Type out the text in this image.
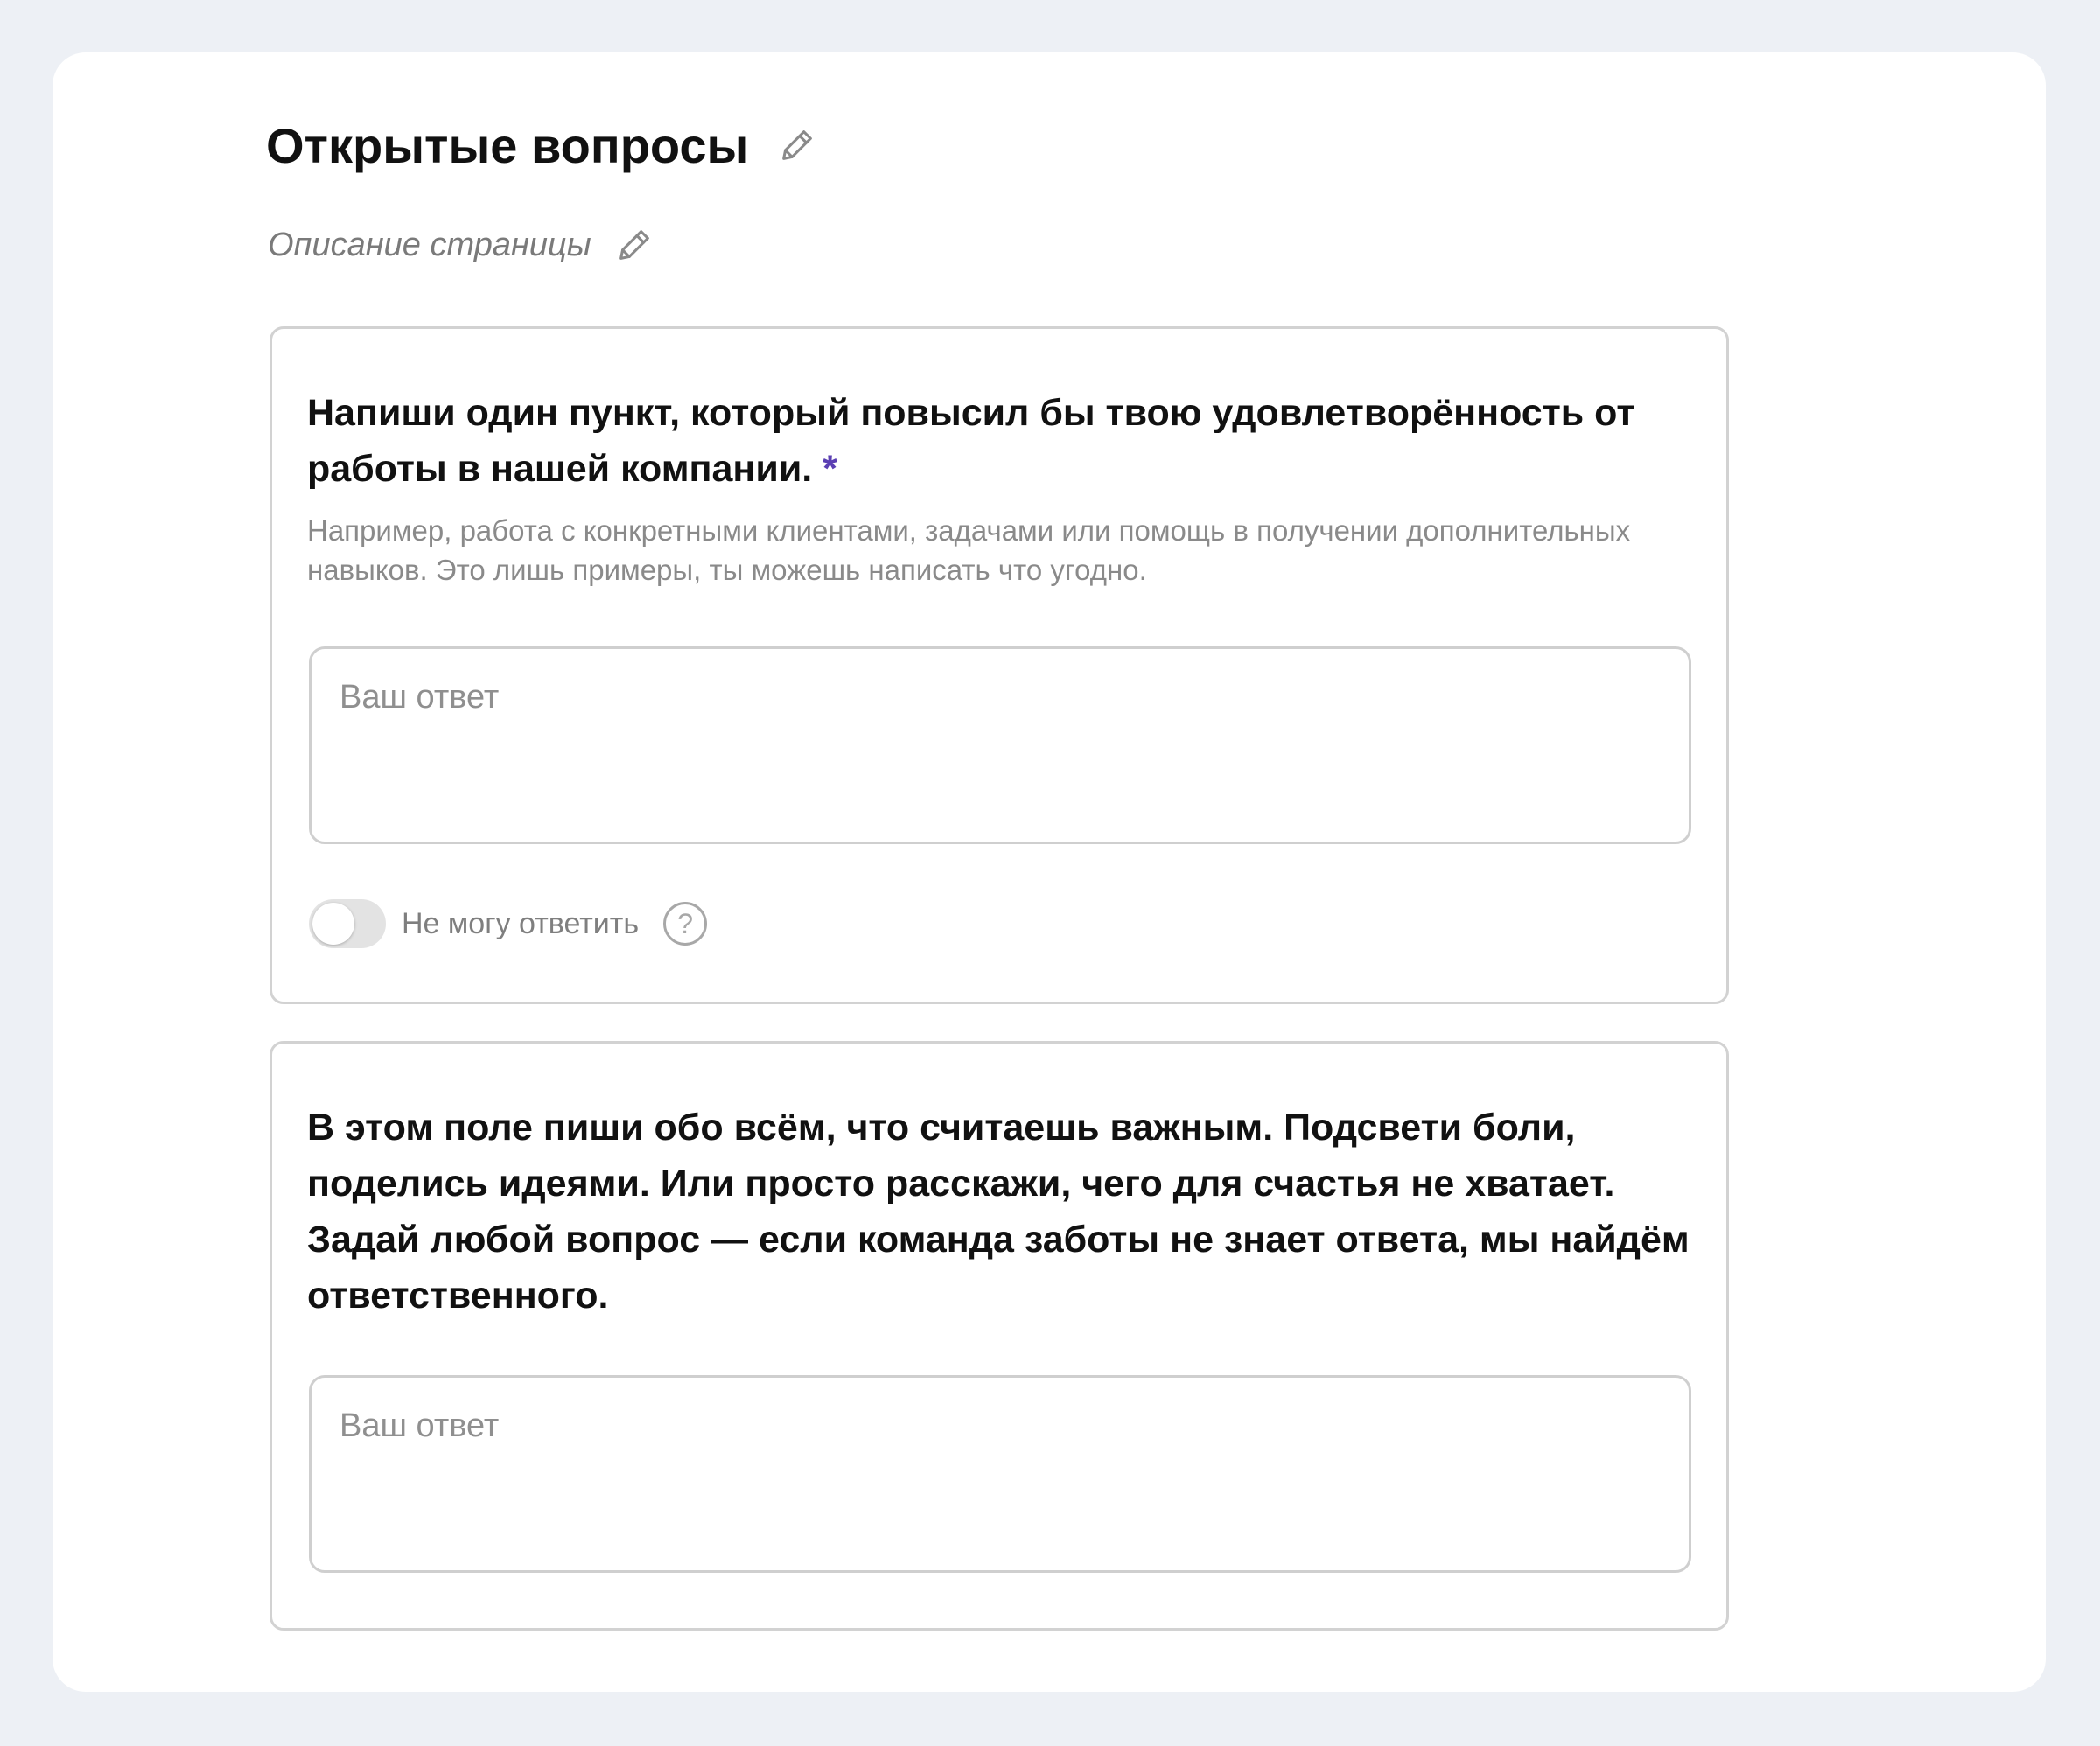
Открытые вопросы
Описание страницы
Напиши один пункт, который повысил бы твою удовлетворённость от работы в нашей компании. *
Например, работа с конкретными клиентами, задачами или помощь в получении дополнительных навыков. Это лишь примеры, ты можешь написать что угодно.
Ваш ответ
Не могу ответить	?
В этом поле пиши обо всём, что считаешь важным. Подсвети боли, поделись идеями. Или просто расскажи, чего для счастья не хватает. Задай любой вопрос — если команда заботы не знает ответа, мы найдём ответственного.
Ваш ответ
